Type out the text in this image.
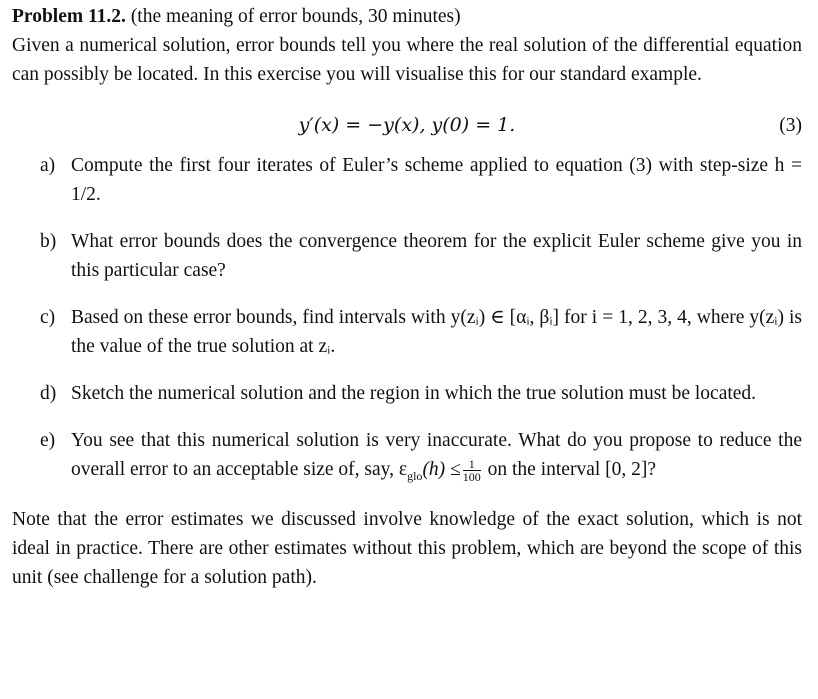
Problem 11.2. (the meaning of error bounds, 30 minutes)

Given a numerical solution, error bounds tell you where the real solution of the differential equation can possibly be located. In this exercise you will visualise this for our standard example.

y′(x) = −y(x), y(0) = 1.	(3)
a) Compute the first four iterates of Euler’s scheme applied to equation (3) with step-size h = 1/2.
b) What error bounds does the convergence theorem for the explicit Euler scheme give you in this particular case?
c) Based on these error bounds, find intervals with y(zᵢ) ∈ [αᵢ, βᵢ] for i = 1, 2, 3, 4, where y(zᵢ) is the value of the true solution at zᵢ.
d) Sketch the numerical solution and the region in which the true solution must be located.
e) You see that this numerical solution is very inaccurate. What do you propose to reduce the overall error to an acceptable size of, say, $\varepsilon_{glo}(h) \le \frac{1}{100}$ on the interval [0, 2]?

Note that the error estimates we discussed involve knowledge of the exact solution, which is not ideal in practice. There are other estimates without this problem, which are beyond the scope of this unit (see challenge for a solution path).
